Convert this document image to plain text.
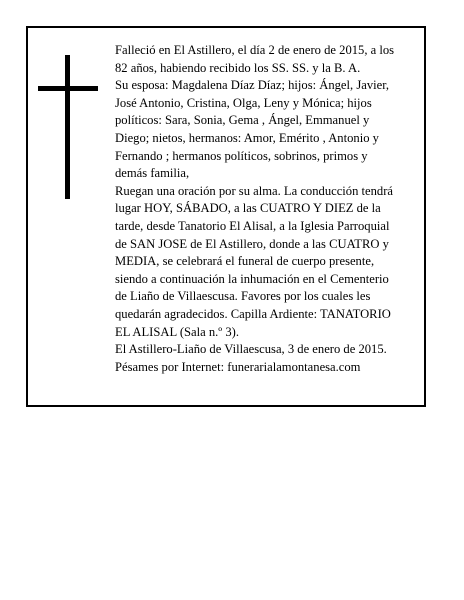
Falleció en El Astillero, el día 2 de enero de 2015, a los
82 años, habiendo recibido los SS. SS. y la B. A.
Su esposa: Magdalena Díaz Díaz; hijos: Ángel, Javier,
José Antonio, Cristina, Olga, Leny y Mónica; hijos
políticos: Sara, Sonia, Gema , Ángel, Emmanuel y
Diego; nietos, hermanos: Amor, Emérito , Antonio y
Fernando ; hermanos políticos, sobrinos, primos y
demás familia,
Ruegan una oración por su alma. La conducción tendrá
lugar HOY, SÁBADO, a las CUATRO Y DIEZ de la
tarde, desde Tanatorio El Alisal, a la Iglesia Parroquial
de SAN JOSE de El Astillero, donde a las CUATRO y
MEDIA, se celebrará el funeral de cuerpo presente,
siendo a continuación la inhumación en el Cementerio
de Liaño de Villaescusa. Favores por los cuales les
quedarán agradecidos. Capilla Ardiente: TANATORIO
EL ALISAL (Sala n.º 3).
El Astillero-Liaño de Villaescusa, 3 de enero de 2015.
Pésames por Internet: funerarialamontanesa.com
